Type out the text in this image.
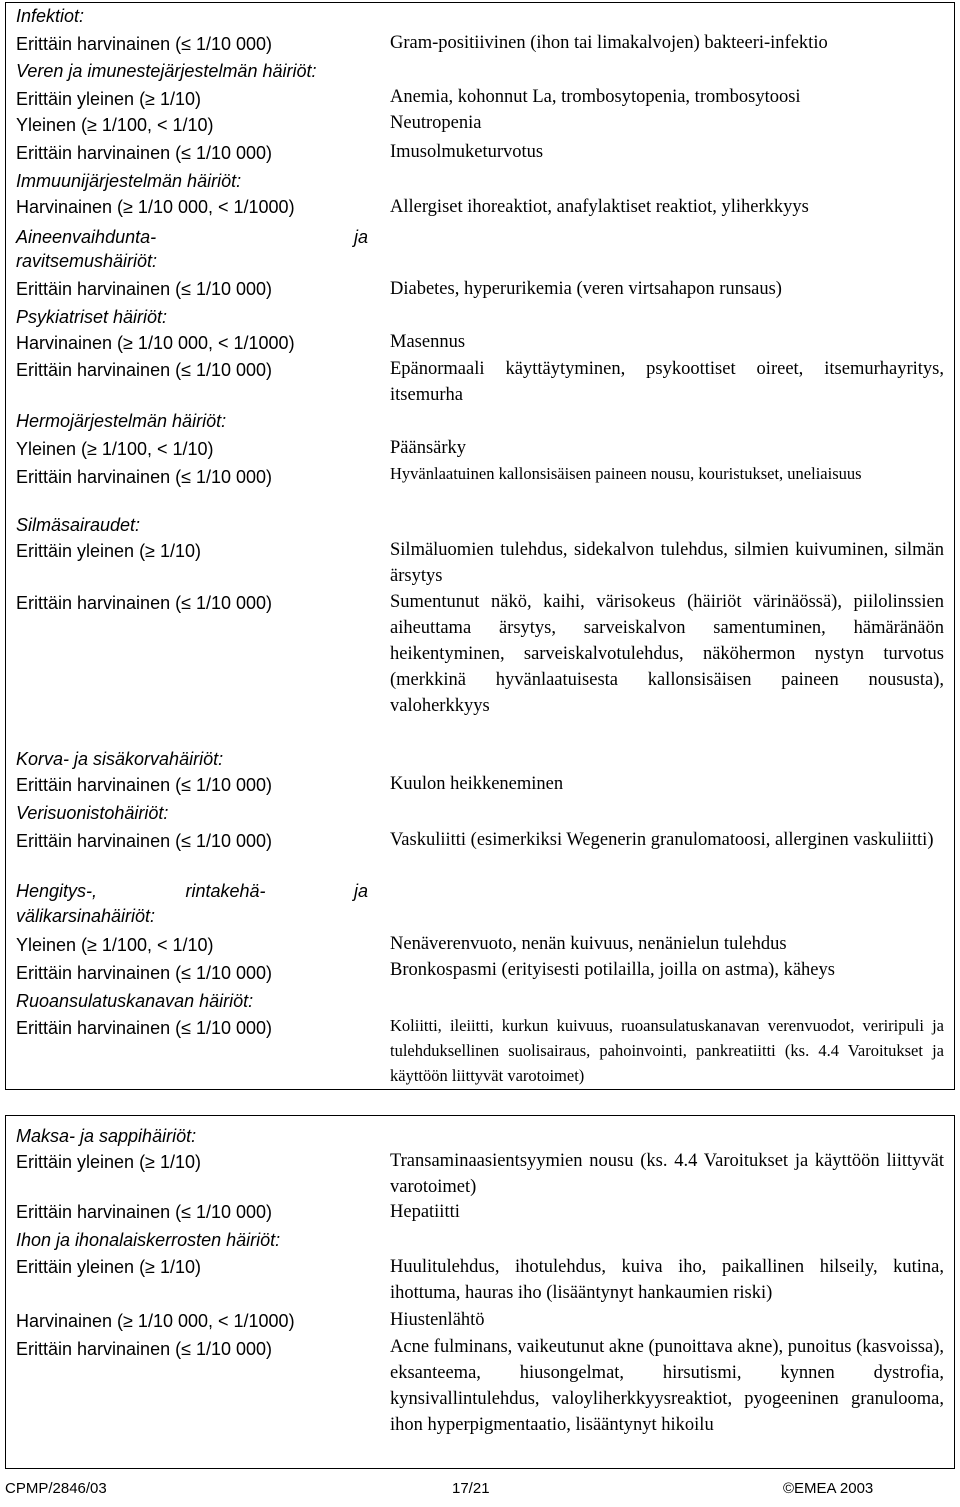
Infektiot:
Erittäin harvinainen (≤ 1/10 000)	Gram-positiivinen (ihon tai limakalvojen) bakteeri-infektio
Veren ja imunestejärjestelmän häiriöt:
Erittäin yleinen (≥ 1/10)	Anemia, kohonnut La, trombosytopenia, trombosytoosi
Yleinen (≥ 1/100, < 1/10)	Neutropenia
Erittäin harvinainen (≤ 1/10 000)	Imusolmuketurvotus
Immuunijärjestelmän häiriöt:
Harvinainen (≥ 1/10 000, < 1/1000)	Allergiset ihoreaktiot, anafylaktiset reaktiot, yliherkkyys
Aineenvaihdunta-	ja
ravitsemushäiriöt:
Erittäin harvinainen (≤ 1/10 000)	Diabetes, hyperurikemia (veren virtsahapon runsaus)
Psykiatriset häiriöt:
Harvinainen (≥ 1/10 000, < 1/1000)	Masennus
Erittäin harvinainen (≤ 1/10 000)	Epänormaali käyttäytyminen, psykoottiset oireet, itsemurhayritys, itsemurha
Hermojärjestelmän häiriöt:
Yleinen (≥ 1/100, < 1/10)	Päänsärky
Erittäin harvinainen (≤ 1/10 000)	Hyvänlaatuinen kallonsisäisen paineen nousu, kouristukset, uneliaisuus
Silmäsairaudet:
Erittäin yleinen (≥ 1/10)	Silmäluomien tulehdus, sidekalvon tulehdus, silmien kuivuminen, silmän ärsytys
Erittäin harvinainen (≤ 1/10 000)	Sumentunut näkö, kaihi, värisokeus (häiriöt värinäössä), piilolinssien aiheuttama ärsytys, sarveiskalvon samentuminen, hämäränäön heikentyminen, sarveiskalvotulehdus, näköhermon nystyn turvotus (merkkinä hyvänlaatuisesta kallonsisäisen paineen noususta), valoherkkyys
Korva- ja sisäkorvahäiriöt:
Erittäin harvinainen (≤ 1/10 000)	Kuulon heikkeneminen
Verisuonistohäiriöt:
Erittäin harvinainen (≤ 1/10 000)	Vaskuliitti (esimerkiksi Wegenerin granulomatoosi, allerginen vaskuliitti)
Hengitys-,	rintakehä-	ja
välikarsinahäiriöt:
Yleinen (≥ 1/100, < 1/10)	Nenäverenvuoto, nenän kuivuus, nenänielun tulehdus
Erittäin harvinainen (≤ 1/10 000)	Bronkospasmi (erityisesti potilailla, joilla on astma), käheys
Ruoansulatuskanavan häiriöt:
Erittäin harvinainen (≤ 1/10 000)	Koliitti, ileiitti, kurkun kuivuus, ruoansulatuskanavan verenvuodot, veriripuli ja tulehduksellinen suolisairaus, pahoinvointi, pankreatiitti (ks. 4.4 Varoitukset ja käyttöön liittyvät varotoimet)
Maksa- ja sappihäiriöt:
Erittäin yleinen (≥ 1/10)	Transaminaasientsyymien nousu (ks. 4.4 Varoitukset ja käyttöön liittyvät varotoimet)
Erittäin harvinainen (≤ 1/10 000)	Hepatiitti
Ihon ja ihonalaiskerrosten häiriöt:
Erittäin yleinen (≥ 1/10)	Huulitulehdus, ihotulehdus, kuiva iho, paikallinen hilseily, kutina, ihottuma, hauras iho (lisääntynyt hankaumien riski)
Harvinainen (≥ 1/10 000, < 1/1000)	Hiustenlähtö
Erittäin harvinainen (≤ 1/10 000)	Acne fulminans, vaikeutunut akne (punoittava akne), punoitus (kasvoissa), eksanteema, hiusongelmat, hirsutismi, kynnen dystrofia, kynsivallintulehdus, valoyliherkkyysreaktiot, pyogeeninen granulooma, ihon hyperpigmentaatio, lisääntynyt hikoilu
CPMP/2846/03	17/21	©EMEA 2003
